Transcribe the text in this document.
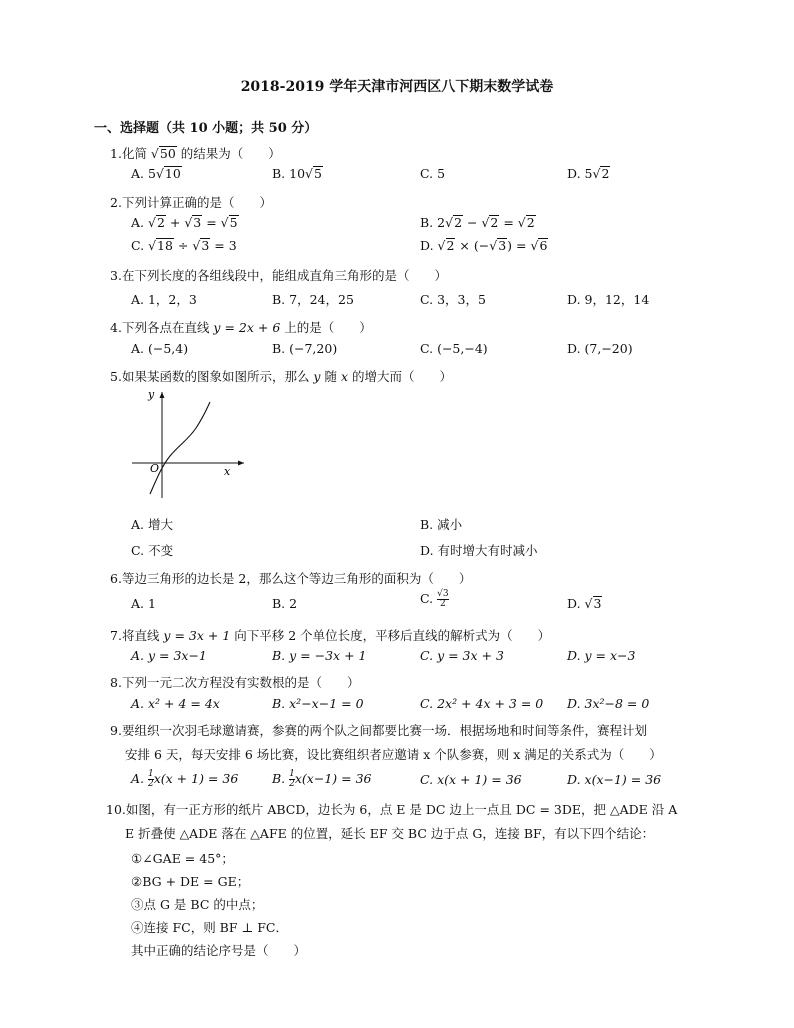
2018-2019 学年天津市河西区八下期末数学试卷
一、选择题（共 10 小题；共 50 分）
1.化简 √50 的结果为（　　）
A. 5√10	B. 10√5	C. 5	D. 5√2
2.下列计算正确的是（　　）
A. √2 + √3 = √5	B. 2√2 − √2 = √2
C. √18 ÷ √3 = 3	D. √2 × (−√3) = √6
3.在下列长度的各组线段中，能组成直角三角形的是（　　）
A. 1，2，3	B. 7，24，25	C. 3，3，5	D. 9，12，14
4.下列各点在直线 y = 2x + 6 上的是（　　）
A. (−5,4)	B. (−7,20)	C. (−5,−4)	D. (7,−20)
5.如果某函数的图象如图所示，那么 y 随 x 的增大而（　　）
y
x
O
A. 增大	B. 减小
C. 不变	D. 有时增大有时减小
6.等边三角形的边长是 2，那么这个等边三角形的面积为（　　）
A. 1	B. 2	C. $\frac{√3}{2}$	D. √3
7.将直线 y = 3x + 1 向下平移 2 个单位长度，平移后直线的解析式为（　　）
A. y = 3x−1	B. y = −3x + 1	C. y = 3x + 3	D. y = x−3
8.下列一元二次方程没有实数根的是（　　）
A. x² + 4 = 4x	B. x²−x−1 = 0	C. 2x² + 4x + 3 = 0 D. 3x²−8 = 0
9.要组织一次羽毛球邀请赛，参赛的两个队之间都要比赛一场．根据场地和时间等条件，赛程计划
安排 6 天，每天安排 6 场比赛，设比赛组织者应邀请 x 个队参赛，则 x 满足的关系式为（　　）
A. $\frac{1}{2} x(x + 1) = 36$	B. $\frac{1}{2} x(x-1) = 36$	C. x(x + 1) = 36	D. x(x−1) = 36
10.如图，有一正方形的纸片 ABCD，边长为 6，点 E 是 DC 边上一点且 DC = 3DE，把 △ADE 沿 A
E 折叠使 △ADE 落在 △AFE 的位置，延长 EF 交 BC 边于点 G，连接 BF，有以下四个结论：
①∠GAE = 45°；
②BG + DE = GE；
③点 G 是 BC 的中点；
④连接 FC，则 BF ⊥ FC．
其中正确的结论序号是（　　）
